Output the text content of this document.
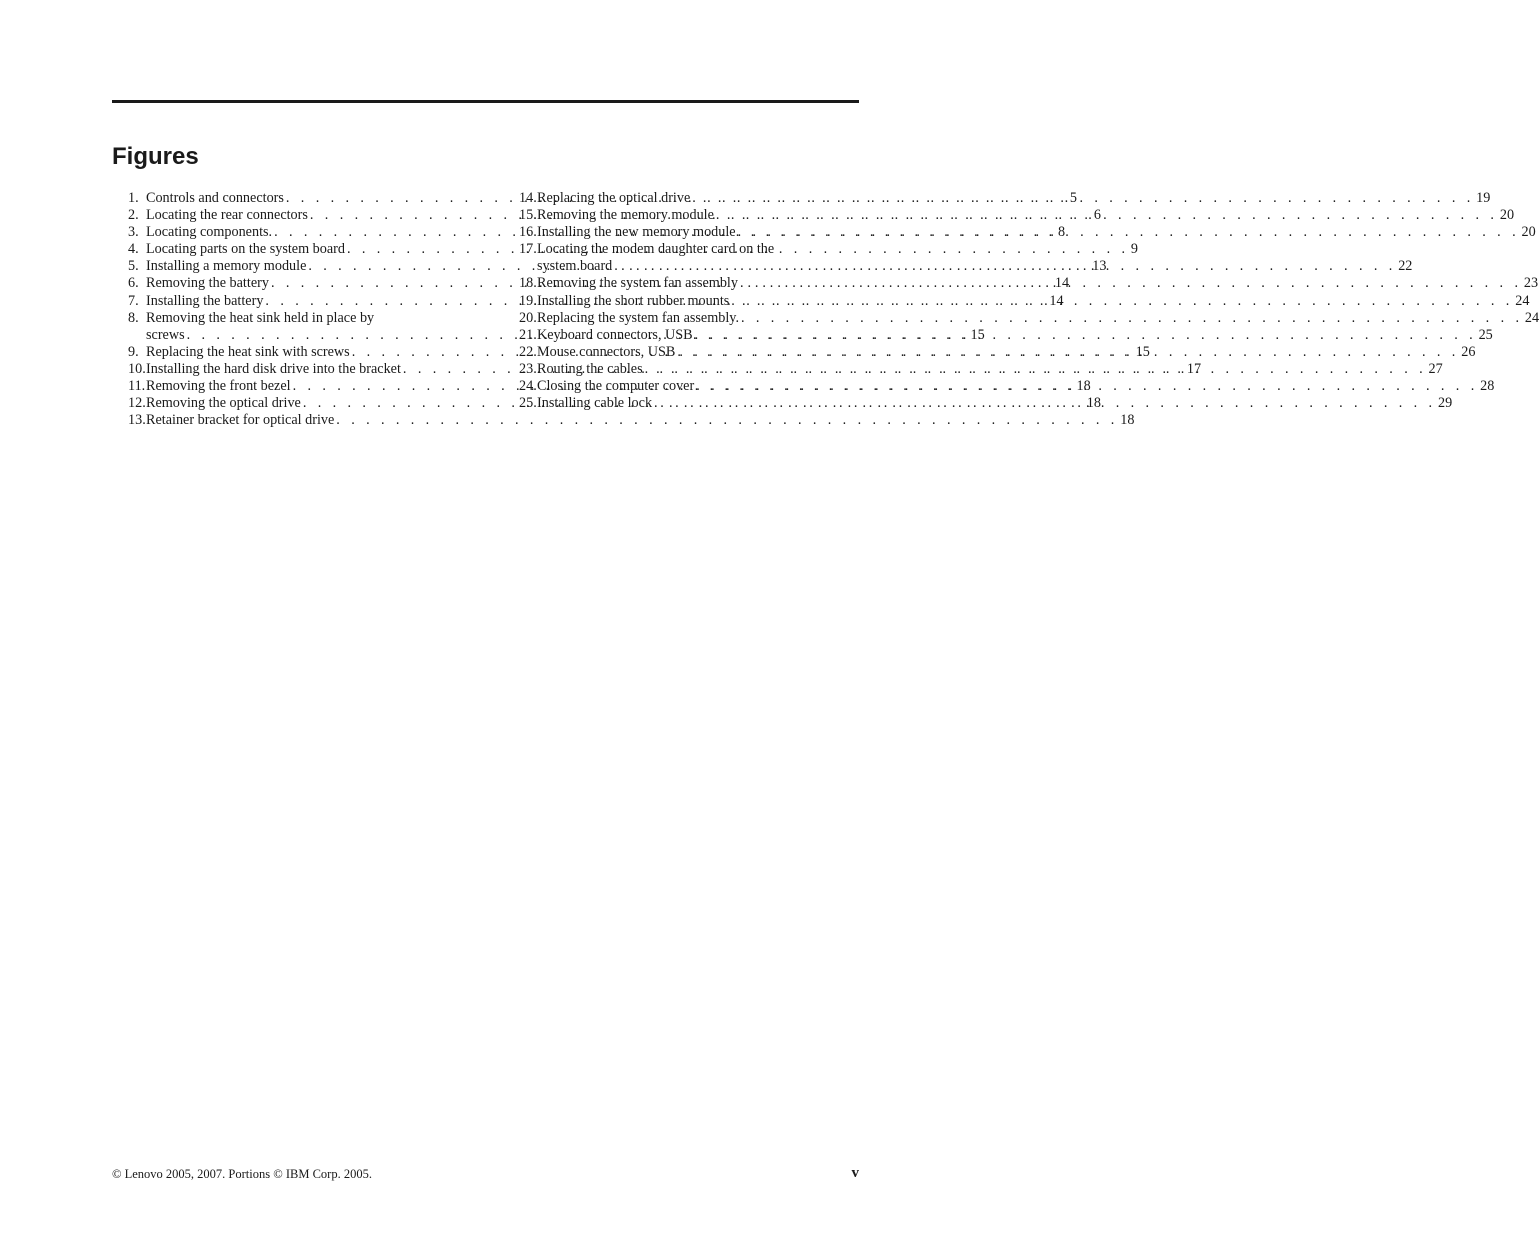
Figures
1. Controls and connectors . . .	5
2. Locating the rear connectors . . .	6
3. Locating components. . . .	8
4. Locating parts on the system board . . .	9
5. Installing a memory module . . .	13
6. Removing the battery . . .	14
7. Installing the battery . . .	14
8. Removing the heat sink held in place by
screws . . .	15
9. Replacing the heat sink with screws . . .	15
10. Installing the hard disk drive into the bracket . . .	17
11. Removing the front bezel . . .	18
12. Removing the optical drive . . .	18
13. Retainer bracket for optical drive . . .	18
14. Replacing the optical drive . . .	19
15. Removing the memory module . . .	20
16. Installing the new memory module . . .	20
17. Locating the modem daughter card on the
system board . . .	22
18. Removing the system fan assembly . . .	23
19. Installing the short rubber mounts . . .	24
20. Replacing the system fan assembly. . . .	24
21. Keyboard connectors, USB . . .	25
22. Mouse connectors, USB . . .	26
23. Routing the cables . . .	27
24. Closing the computer cover . . .	28
25. Installing cable lock . . .	29
© Lenovo 2005, 2007. Portions © IBM Corp. 2005.	v
